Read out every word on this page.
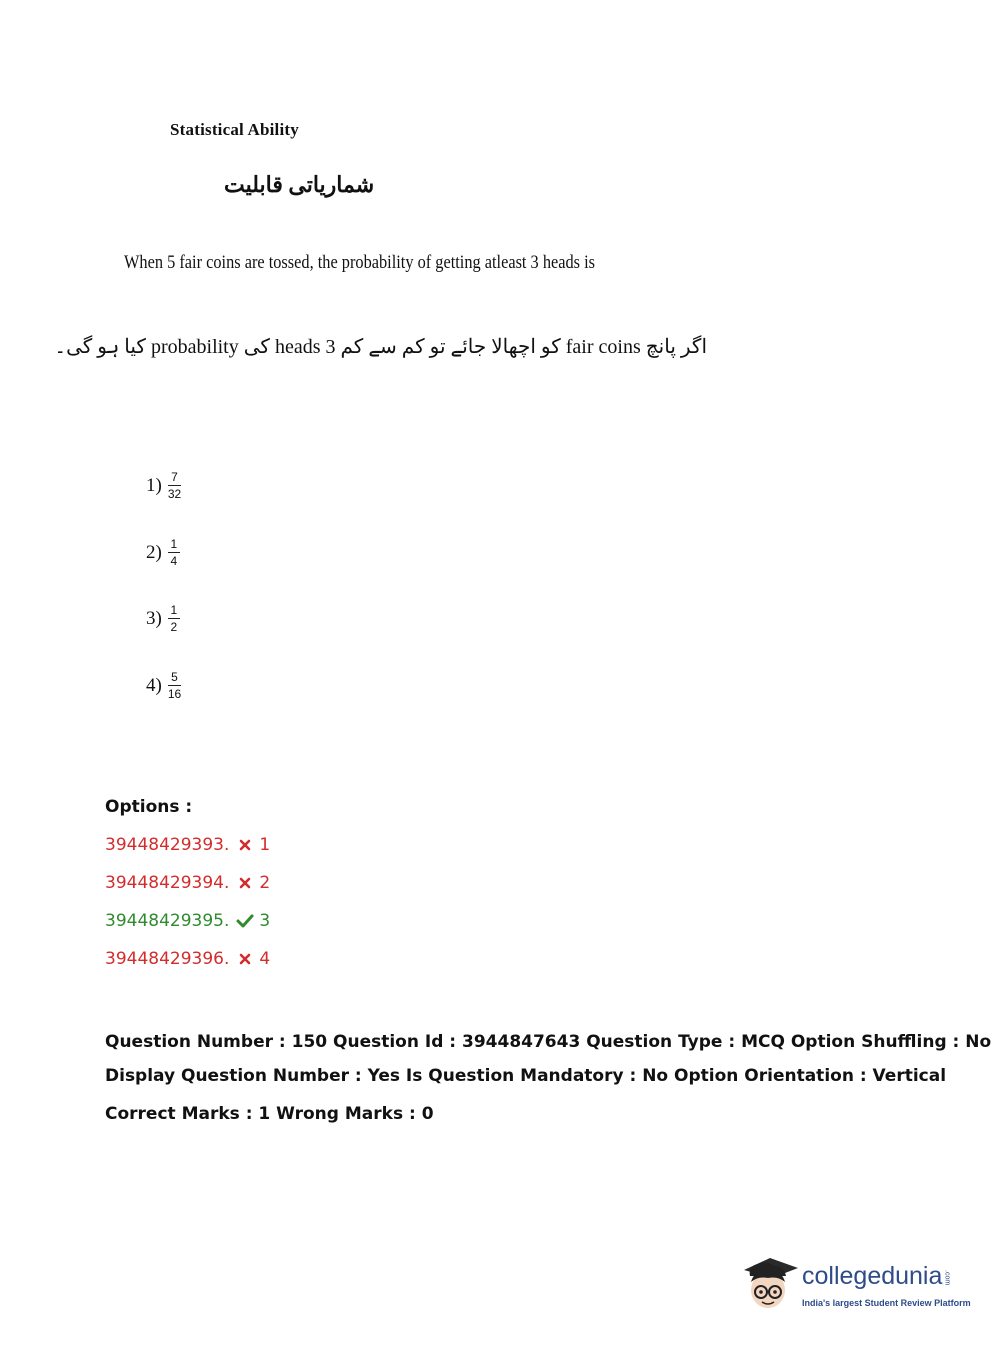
Statistical Ability
شماریاتی قابلیت
When 5 fair coins are tossed, the probability of getting atleast 3 heads is
اگر پانچ fair coins کو اچھالا جائے تو کم سے کم 3 heads کی probability کیا ہو گی۔
$1) \frac{7}{32}$
$2) \frac{1}{4}$
$3) \frac{1}{2}$
$4) \frac{5}{16}$
Options :
39448429393. 1
39448429394. 2
39448429395. 3
39448429396. 4
Question Number : 150 Question Id : 3944847643 Question Type : MCQ Option Shuffling : No
Display Question Number : Yes Is Question Mandatory : No Option Orientation : Vertical
Correct Marks : 1 Wrong Marks : 0
collegedunia.com
India's largest Student Review Platform
